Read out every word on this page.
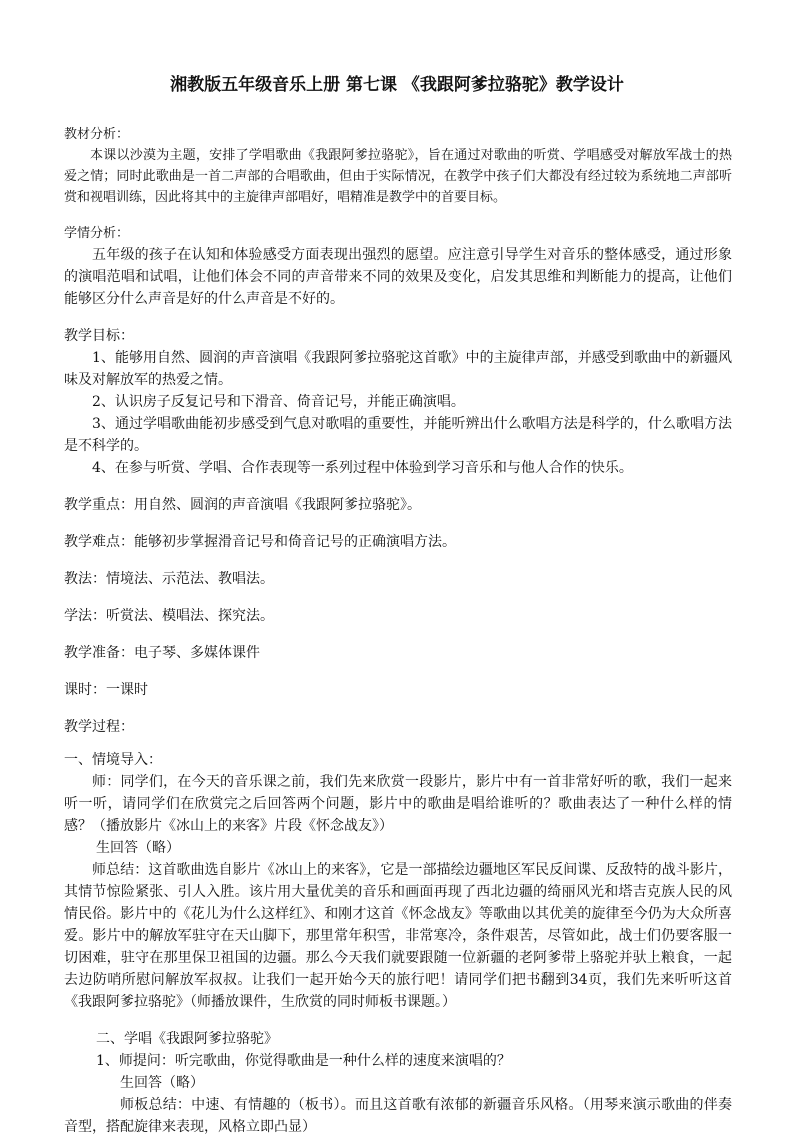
湘教版五年级音乐上册 第七课 《我跟阿爹拉骆驼》教学设计

教材分析：

本课以沙漠为主题，安排了学唱歌曲《我跟阿爹拉骆驼》，旨在通过对歌曲的听赏、学唱感受对解放军战士的热爱之情；同时此歌曲是一首二声部的合唱歌曲，但由于实际情况，在教学中孩子们大都没有经过较为系统地二声部听赏和视唱训练，因此将其中的主旋律声部唱好，唱精准是教学中的首要目标。

学情分析：

五年级的孩子在认知和体验感受方面表现出强烈的愿望。应注意引导学生对音乐的整体感受，通过形象的演唱范唱和试唱，让他们体会不同的声音带来不同的效果及变化，启发其思维和判断能力的提高，让他们能够区分什么声音是好的什么声音是不好的。

教学目标：

1、能够用自然、圆润的声音演唱《我跟阿爹拉骆驼这首歌》中的主旋律声部，并感受到歌曲中的新疆风味及对解放军的热爱之情。

2、认识房子反复记号和下滑音、倚音记号，并能正确演唱。

3、通过学唱歌曲能初步感受到气息对歌唱的重要性，并能听辨出什么歌唱方法是科学的，什么歌唱方法是不科学的。

4、在参与听赏、学唱、合作表现等一系列过程中体验到学习音乐和与他人合作的快乐。

教学重点：用自然、圆润的声音演唱《我跟阿爹拉骆驼》。

教学难点：能够初步掌握滑音记号和倚音记号的正确演唱方法。

教法：情境法、示范法、教唱法。

学法：听赏法、模唱法、探究法。

教学准备：电子琴、多媒体课件

课时：一课时

教学过程：

一、情境导入：

师：同学们，在今天的音乐课之前，我们先来欣赏一段影片，影片中有一首非常好听的歌，我们一起来听一听，请同学们在欣赏完之后回答两个问题，影片中的歌曲是唱给谁听的？歌曲表达了一种什么样的情感？（播放影片《冰山上的来客》片段《怀念战友》）

生回答（略）

师总结：这首歌曲选自影片《冰山上的来客》，它是一部描绘边疆地区军民反间谍、反敌特的战斗影片，其情节惊险紧张、引人入胜。该片用大量优美的音乐和画面再现了西北边疆的绮丽风光和塔吉克族人民的风情民俗。影片中的《花儿为什么这样红》、和刚才这首《怀念战友》等歌曲以其优美的旋律至今仍为大众所喜爱。影片中的解放军驻守在天山脚下，那里常年积雪，非常寒冷，条件艰苦，尽管如此，战士们仍要客服一切困难，驻守在那里保卫祖国的边疆。那么今天我们就要跟随一位新疆的老阿爹带上骆驼并驮上粮食，一起去边防哨所慰问解放军叔叔。让我们一起开始今天的旅行吧！请同学们把书翻到34页，我们先来听听这首《我跟阿爹拉骆驼》（师播放课件，生欣赏的同时师板书课题。）

二、学唱《我跟阿爹拉骆驼》

1、师提问：听完歌曲，你觉得歌曲是一种什么样的速度来演唱的？

生回答（略）

师板总结：中速、有情趣的（板书）。而且这首歌有浓郁的新疆音乐风格。（用琴来演示歌曲的伴奏音型，搭配旋律来表现，风格立即凸显）
